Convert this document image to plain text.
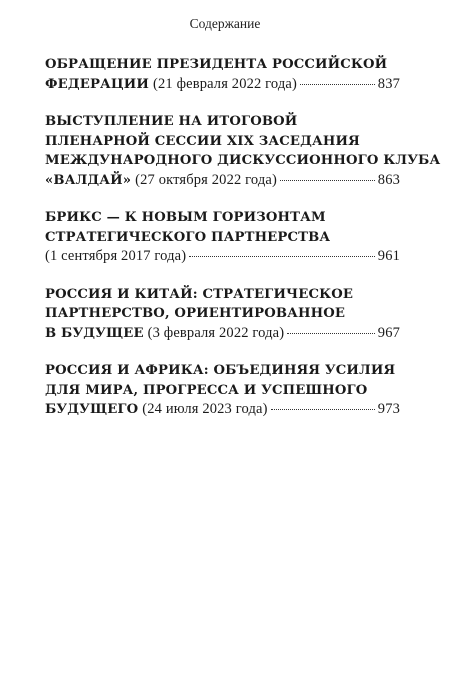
Содержание
ОБРАЩЕНИЕ ПРЕЗИДЕНТА РОССИЙСКОЙ
ФЕДЕРАЦИИ (21 февраля 2022 года)	837
ВЫСТУПЛЕНИЕ НА ИТОГОВОЙ
ПЛЕНАРНОЙ СЕССИИ XIX ЗАСЕДАНИЯ
МЕЖДУНАРОДНОГО ДИСКУССИОННОГО КЛУБА
«ВАЛДАЙ» (27 октября 2022 года)	863
БРИКС — К НОВЫМ ГОРИЗОНТАМ
СТРАТЕГИЧЕСКОГО ПАРТНЕРСТВА
(1 сентября 2017 года)	961
РОССИЯ И КИТАЙ: СТРАТЕГИЧЕСКОЕ
ПАРТНЕРСТВО, ОРИЕНТИРОВАННОЕ
В БУДУЩЕЕ (3 февраля 2022 года)	967
РОССИЯ И АФРИКА: ОБЪЕДИНЯЯ УСИЛИЯ
ДЛЯ МИРА, ПРОГРЕССА И УСПЕШНОГО
БУДУЩЕГО (24 июля 2023 года)	973
